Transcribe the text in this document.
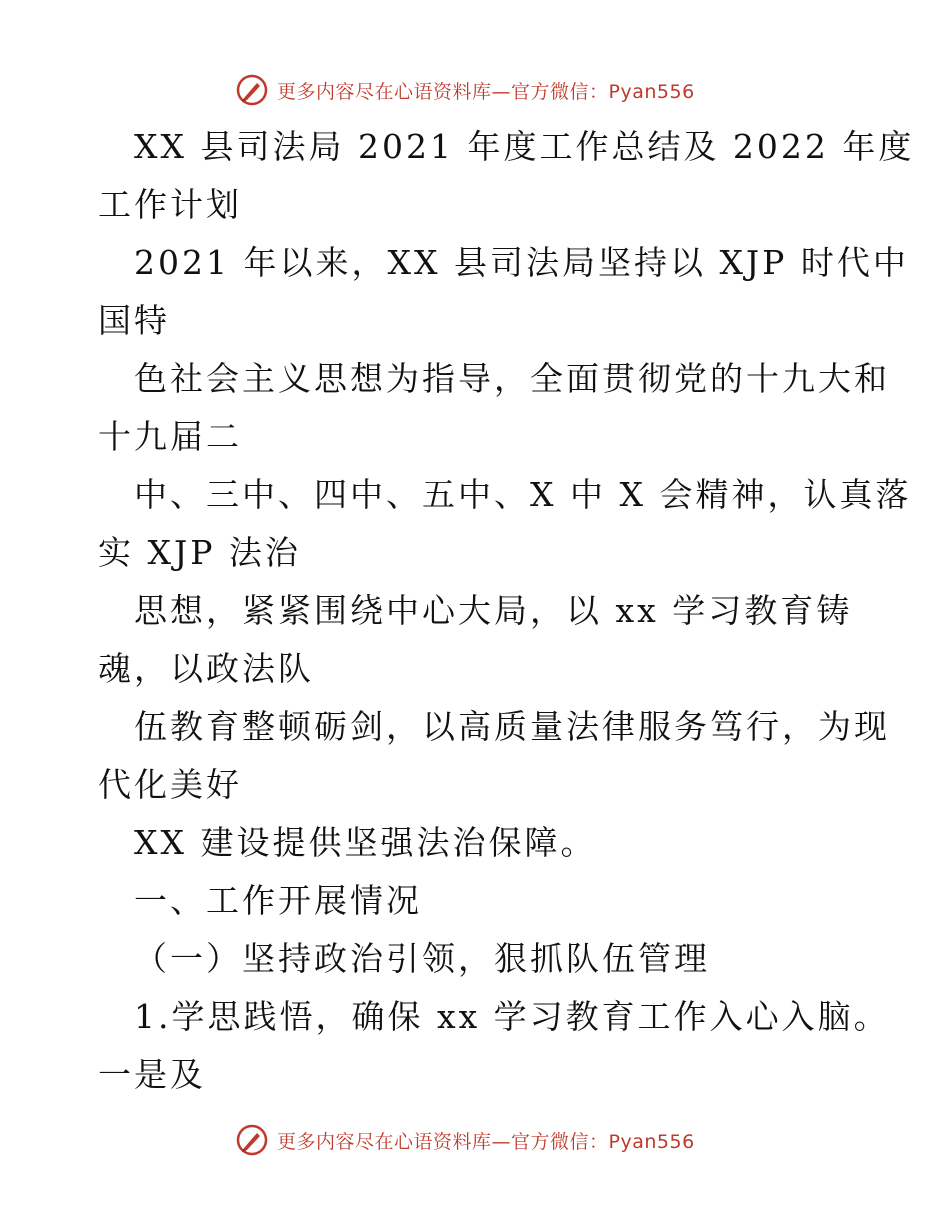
更多内容尽在心语资料库—官方微信：Pyan556
XX 县司法局 2021 年度工作总结及 2022 年度
工作计划
2021 年以来，XX 县司法局坚持以 XJP 时代中
国特
色社会主义思想为指导，全面贯彻党的十九大和
十九届二
中、三中、四中、五中、X 中 X 会精神，认真落
实 XJP 法治
思想，紧紧围绕中心大局，以 xx 学习教育铸
魂，以政法队
伍教育整顿砺剑，以高质量法律服务笃行，为现
代化美好
XX 建设提供坚强法治保障。
一、工作开展情况
（一）坚持政治引领，狠抓队伍管理
1.学思践悟，确保 xx 学习教育工作入心入脑。
一是及
更多内容尽在心语资料库—官方微信：Pyan556
